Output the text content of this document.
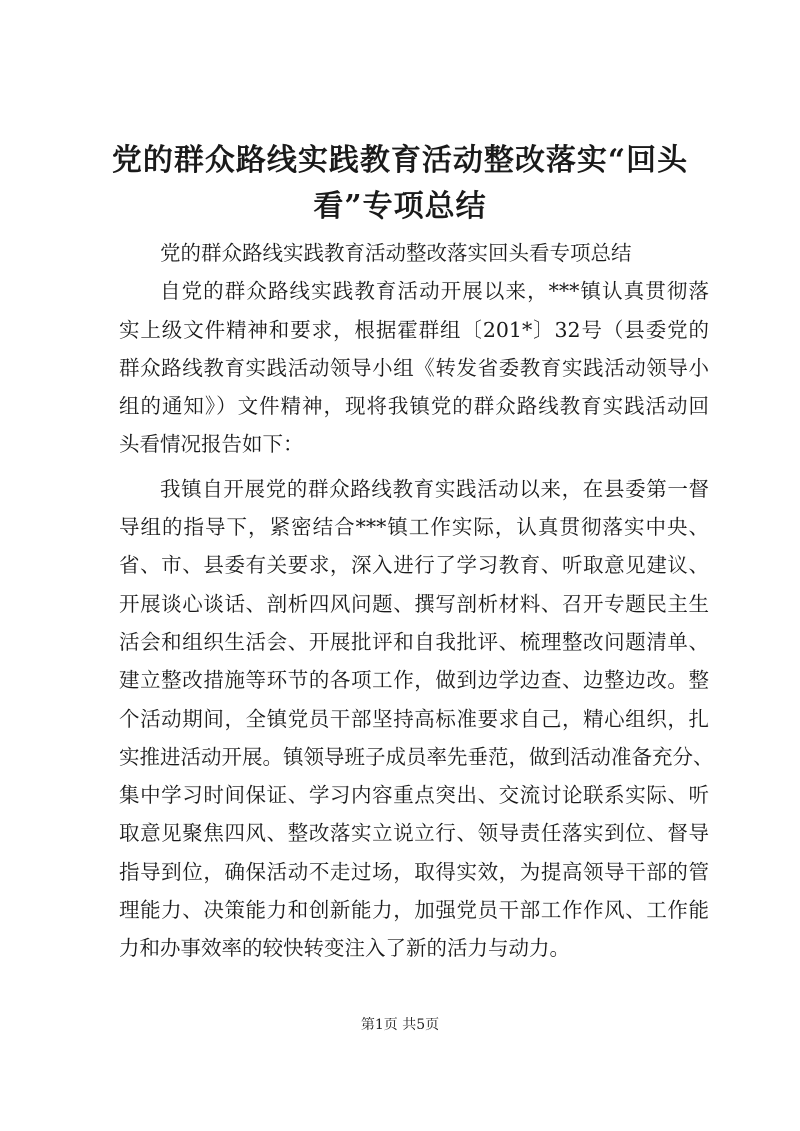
党的群众路线实践教育活动整改落实“回头
看”专项总结
党的群众路线实践教育活动整改落实回头看专项总结
自党的群众路线实践教育活动开展以来，***镇认真贯彻落
实上级文件精神和要求，根据霍群组〔201*〕32号（县委党的
群众路线教育实践活动领导小组《转发省委教育实践活动领导小
组的通知》）文件精神，现将我镇党的群众路线教育实践活动回
头看情况报告如下：
我镇自开展党的群众路线教育实践活动以来，在县委第一督
导组的指导下，紧密结合***镇工作实际，认真贯彻落实中央、
省、市、县委有关要求，深入进行了学习教育、听取意见建议、
开展谈心谈话、剖析四风问题、撰写剖析材料、召开专题民主生
活会和组织生活会、开展批评和自我批评、梳理整改问题清单、
建立整改措施等环节的各项工作，做到边学边查、边整边改。整
个活动期间，全镇党员干部坚持高标准要求自己，精心组织，扎
实推进活动开展。镇领导班子成员率先垂范，做到活动准备充分、
集中学习时间保证、学习内容重点突出、交流讨论联系实际、听
取意见聚焦四风、整改落实立说立行、领导责任落实到位、督导
指导到位，确保活动不走过场，取得实效，为提高领导干部的管
理能力、决策能力和创新能力，加强党员干部工作作风、工作能
力和办事效率的较快转变注入了新的活力与动力。
第1页 共5页
